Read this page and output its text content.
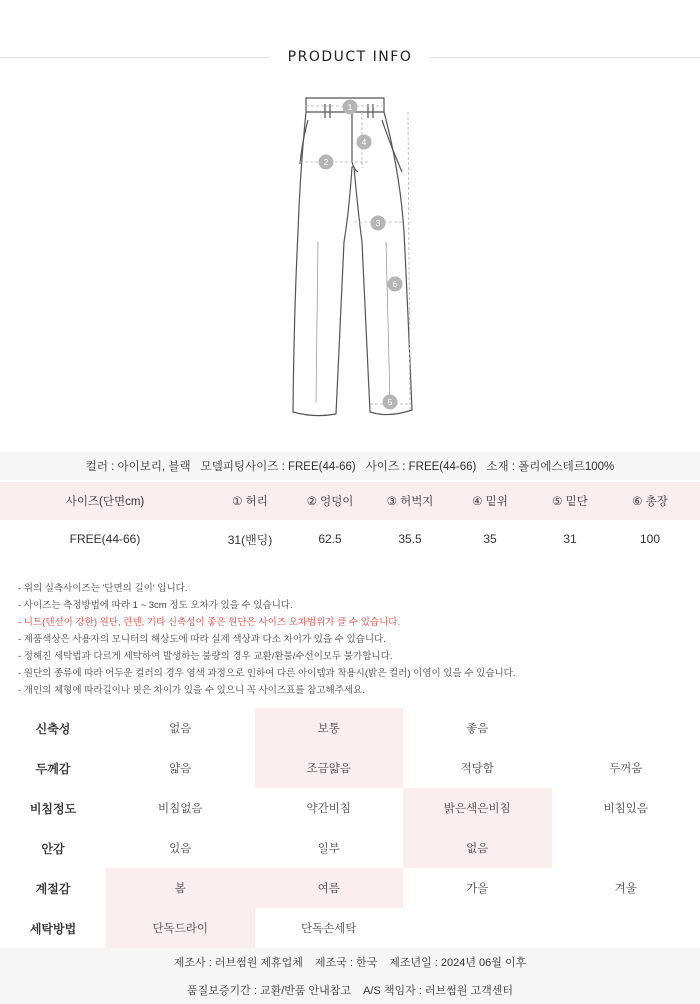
PRODUCT INFO
1
2
3
4
5
6
컬러 : 아이보리, 블랙 모델피팅사이즈 : FREE(44-66) 사이즈 : FREE(44-66) 소재 : 폴리에스테르100%
사이즈(단면cm)	① 허리	② 엉덩이	③ 허벅지	④ 밑위	⑤ 밑단	⑥ 총장
FREE(44-66)	31(밴딩)	62.5	35.5	35	31	100
- 위의 실측사이즈는 '단면의 길이' 입니다.
- 사이즈는 측정방법에 따라 1 ~ 3cm 정도 오차가 있을 수 있습니다.
- 니트(텐션이 강한) 원단, 린넨, 기타 신축성이 좋은 원단은 사이즈 오차범위가 클 수 있습니다.
- 제품색상은 사용자의 모니터의 해상도에 따라 실제 색상과 다소 차이가 있을 수 있습니다.
- 정해진 세탁법과 다르게 세탁하여 발생하는 불량의 경우 교환/환불/수선이모두 불가합니다.
- 원단의 종류에 따라 어두운 컬러의 경우 염색 과정으로 인하여 다른 아이템과 착용시(밝은 컬러) 이염이 있을 수 있습니다.
- 개인의 체형에 따라길이나 핏은 차이가 있을 수 있으니 꼭 사이즈표를 참고해주세요.
신축성	없음	보통	좋음
두께감	얇음	조금얇음	적당함	두꺼움
비침정도	비침없음	약간비침	밝은색은비침	비침있음
안감	있음	일부	없음
계절감	봄	여름	가을	겨울
세탁방법	단독드라이	단독손세탁
제조사 : 러브썸원 제휴업체 제조국 : 한국 제조년일 : 2024년 06월 이후
품질보증기간 : 교환/반품 안내참고 A/S 책임자 : 러브썸원 고객센터
